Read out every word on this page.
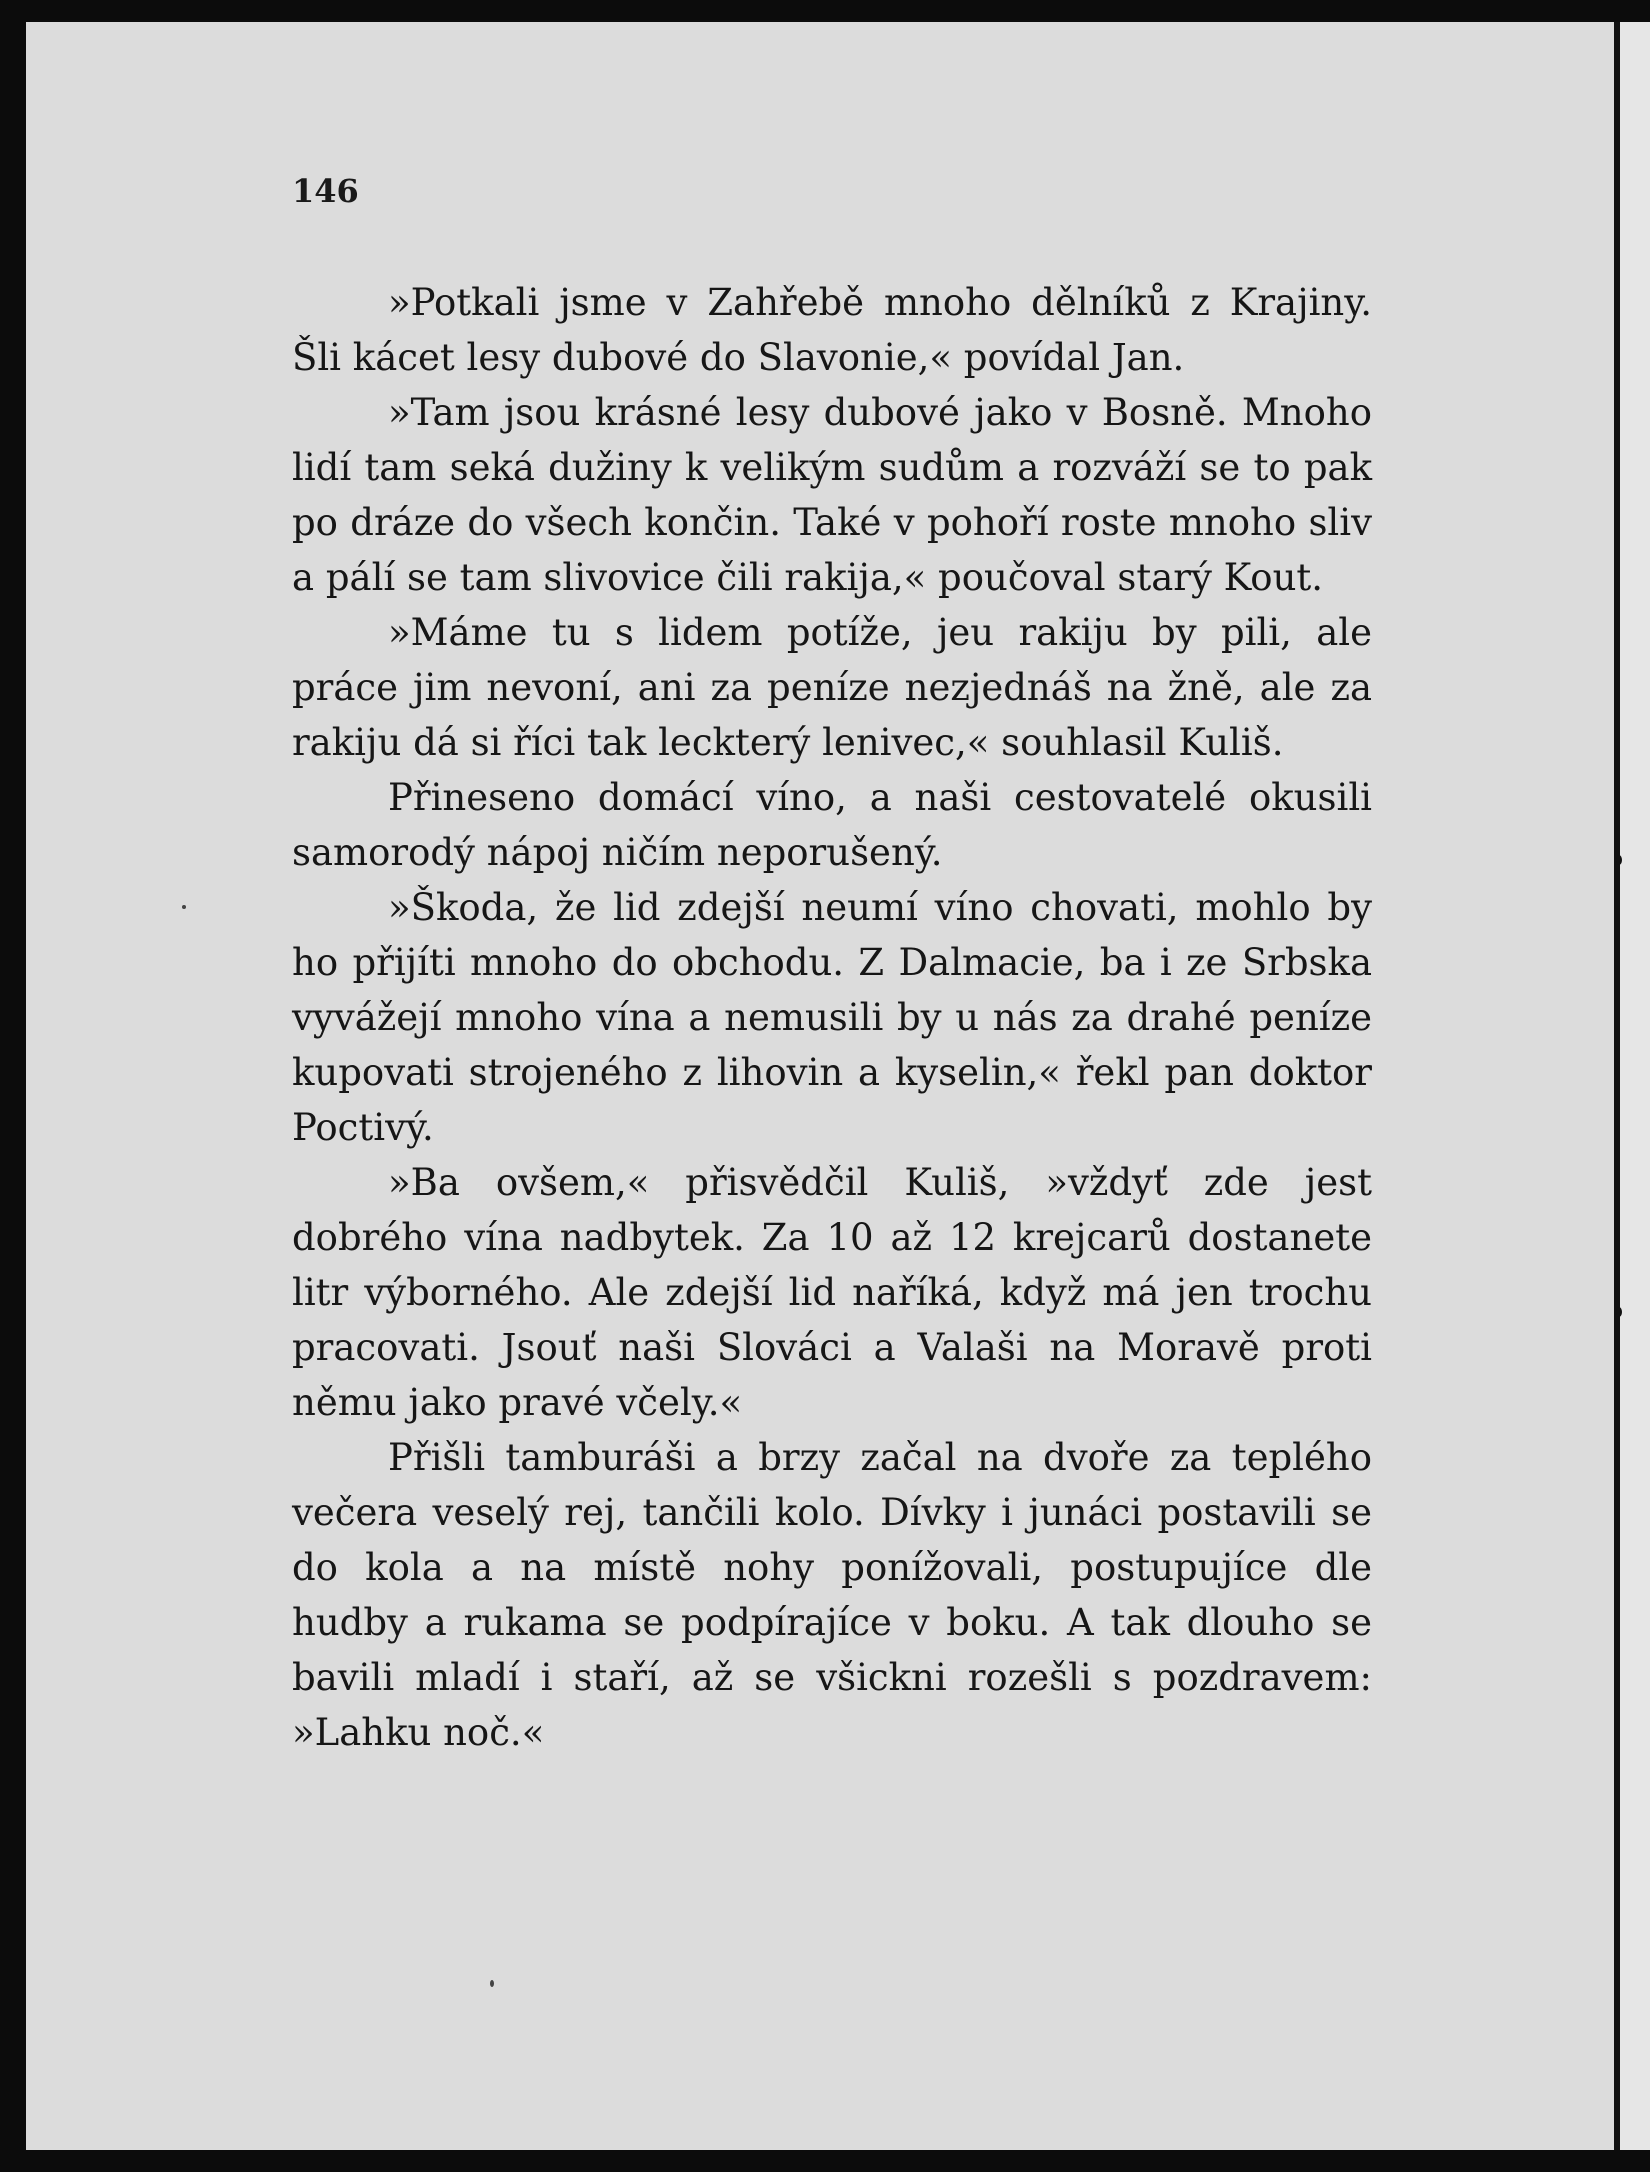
146

»Potkali jsme v Zahřebě mnoho dělníků z Krajiny. Šli kácet lesy dubové do Slavonie,« povídal Jan.

»Tam jsou krásné lesy dubové jako v Bosně. Mnoho lidí tam seká dužiny k velikým sudům a rozváží se to pak po dráze do všech končin. Také v pohoří roste mnoho sliv a pálí se tam slivovice čili rakija,« poučoval starý Kout.

»Máme tu s lidem potíže, jeu rakiju by pili, ale práce jim nevoní, ani za peníze nezjednáš na žně, ale za rakiju dá si říci tak leckterý lenivec,« souhlasil Kuliš.

Přineseno domácí víno, a naši cestovatelé okusili samorodý nápoj ničím neporušený.

»Škoda, že lid zdejší neumí víno chovati, mohlo by ho přijíti mnoho do obchodu. Z Dalmacie, ba i ze Srbska vyvážejí mnoho vína a nemusili by u nás za drahé peníze kupovati strojeného z lihovin a kyselin,« řekl pan doktor Poctivý.

»Ba ovšem,« přisvědčil Kuliš, »vždyť zde jest dobrého vína nadbytek. Za 10 až 12 krejcarů dostanete litr výborného. Ale zdejší lid naříká, když má jen trochu pracovati. Jsouť naši Slováci a Valaši na Moravě proti němu jako pravé včely.«

Přišli tamburáši a brzy začal na dvoře za teplého večera veselý rej, tančili kolo. Dívky i junáci postavili se do kola a na místě nohy ponížovali, postupujíce dle hudby a rukama se podpírajíce v boku. A tak dlouho se bavili mladí i staří, až se všickni rozešli s pozdravem: »Lahku noč.«
